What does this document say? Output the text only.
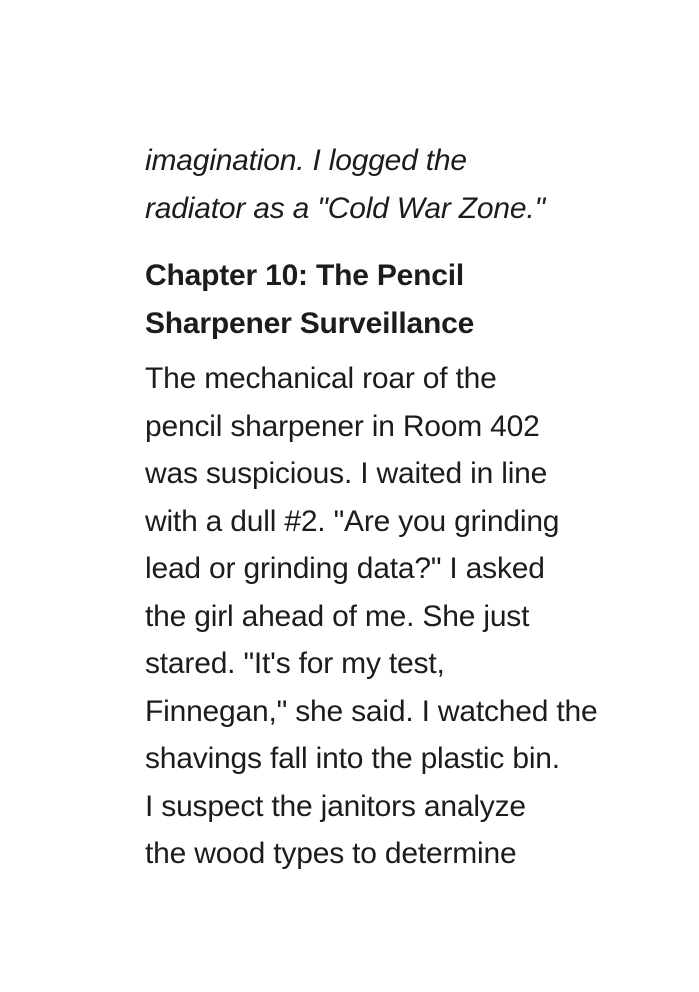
imagination. I logged the
radiator as a "Cold War Zone."
Chapter 10: The Pencil
Sharpener Surveillance
The mechanical roar of the
pencil sharpener in Room 402
was suspicious. I waited in line
with a dull #2. "Are you grinding
lead or grinding data?" I asked
the girl ahead of me. She just
stared. "It's for my test,
Finnegan," she said. I watched the
shavings fall into the plastic bin.
I suspect the janitors analyze
the wood types to determine
